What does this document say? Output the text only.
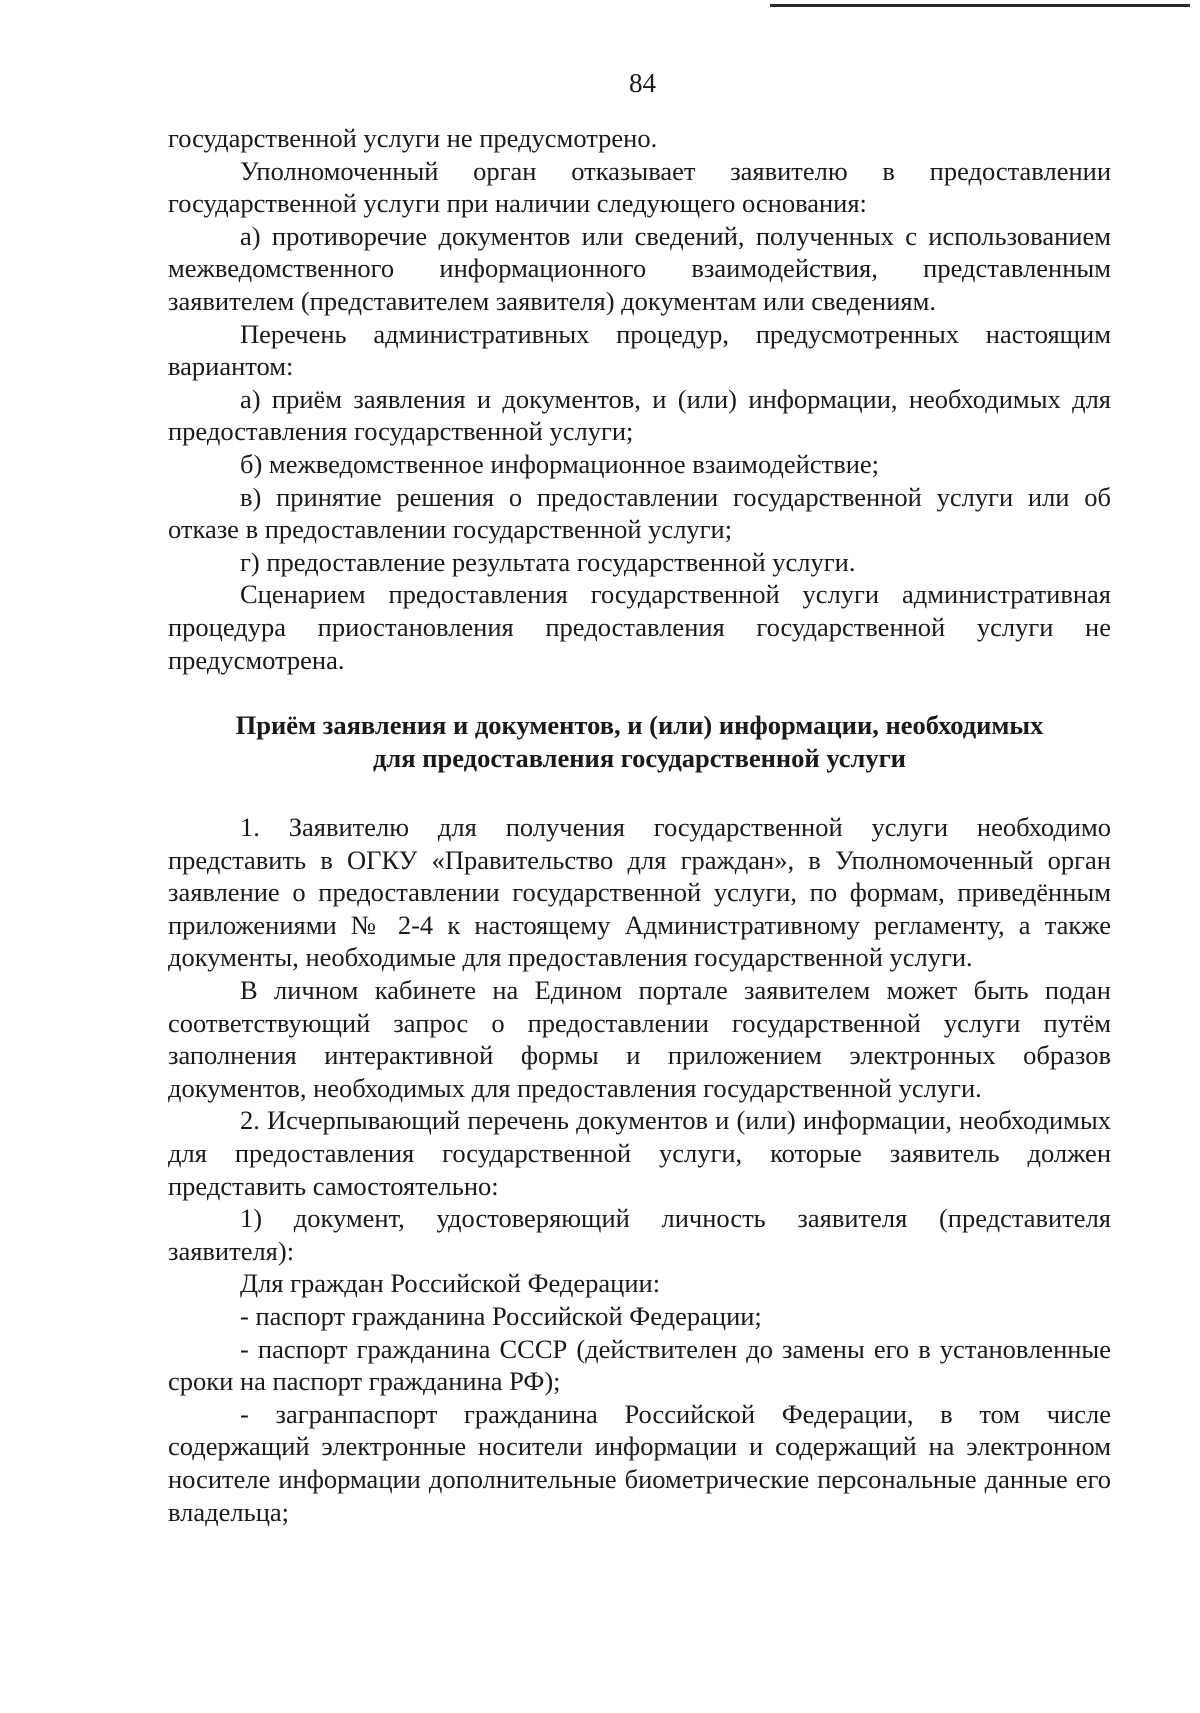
84

государственной услуги не предусмотрено.

Уполномоченный орган отказывает заявителю в предоставлении государственной услуги при наличии следующего основания:

а) противоречие документов или сведений, полученных с использованием межведомственного информационного взаимодействия, представленным заявителем (представителем заявителя) документам или сведениям.

Перечень административных процедур, предусмотренных настоящим вариантом:

а) приём заявления и документов, и (или) информации, необходимых для предоставления государственной услуги;

б) межведомственное информационное взаимодействие;

в) принятие решения о предоставлении государственной услуги или об отказе в предоставлении государственной услуги;

г) предоставление результата государственной услуги.

Сценарием предоставления государственной услуги административная процедура приостановления предоставления государственной услуги не предусмотрена.

Приём заявления и документов, и (или) информации, необходимых
для предоставления государственной услуги

1. Заявителю для получения государственной услуги необходимо представить в ОГКУ «Правительство для граждан», в Уполномоченный орган заявление о предоставлении государственной услуги, по формам, приведённым приложениями № 2-4 к настоящему Административному регламенту, а также документы, необходимые для предоставления государственной услуги.

В личном кабинете на Едином портале заявителем может быть подан соответствующий запрос о предоставлении государственной услуги путём заполнения интерактивной формы и приложением электронных образов документов, необходимых для предоставления государственной услуги.

2. Исчерпывающий перечень документов и (или) информации, необходимых для предоставления государственной услуги, которые заявитель должен представить самостоятельно:

1) документ, удостоверяющий личность заявителя (представителя заявителя):

Для граждан Российской Федерации:

- паспорт гражданина Российской Федерации;

- паспорт гражданина СССР (действителен до замены его в установленные сроки на паспорт гражданина РФ);

- загранпаспорт гражданина Российской Федерации, в том числе содержащий электронные носители информации и содержащий на электронном носителе информации дополнительные биометрические персональные данные его владельца;
